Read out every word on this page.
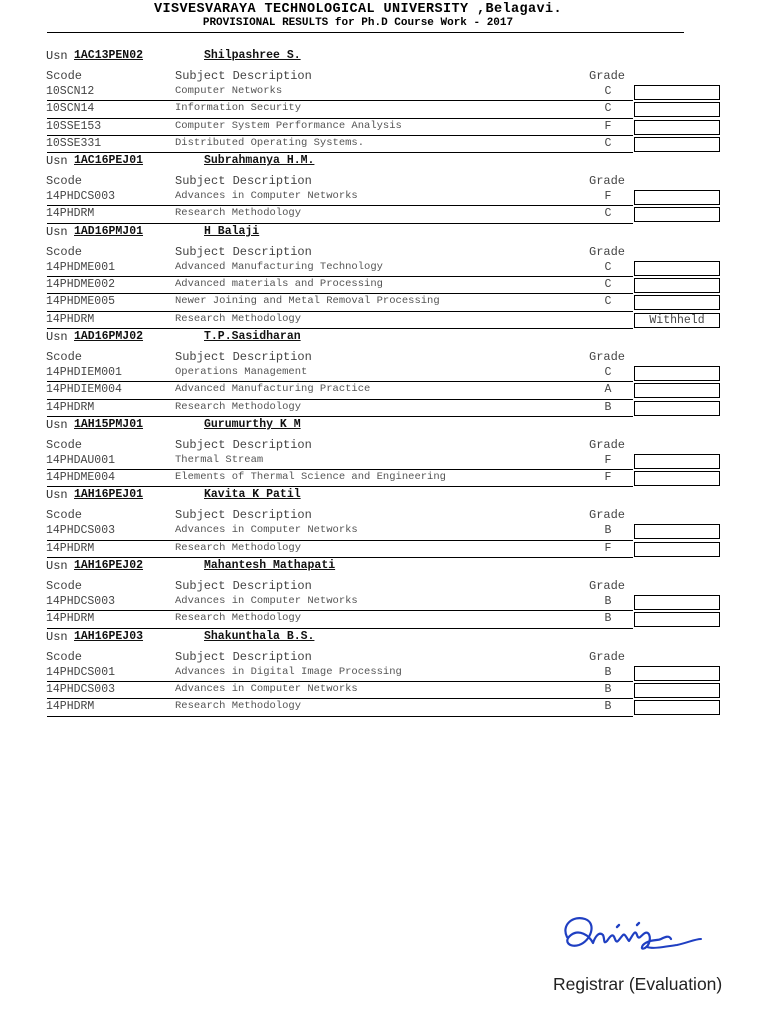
VISVESVARAYA TECHNOLOGICAL UNIVERSITY ,Belagavi.
PROVISIONAL RESULTS for Ph.D Course Work - 2017
Usn 1AC13PEN02	Shilpashree S.
Scode	Subject Description	Grade
10SCN12	Computer Networks	C
10SCN14	Information Security	C
10SSE153	Computer System Performance Analysis	F
10SSE331	Distributed Operating Systems.	C
Usn 1AC16PEJ01	Subrahmanya H.M.
Scode	Subject Description	Grade
14PHDCS003	Advances in Computer Networks	F
14PHDRM	Research Methodology	C
Usn 1AD16PMJ01	H Balaji
Scode	Subject Description	Grade
14PHDME001	Advanced Manufacturing Technology	C
14PHDME002	Advanced materials and Processing	C
14PHDME005	Newer Joining and Metal Removal Processing	C
14PHDRM	Research Methodology	Withheld
Usn 1AD16PMJ02	T.P.Sasidharan
Scode	Subject Description	Grade
14PHDIEM001	Operations Management	C
14PHDIEM004	Advanced Manufacturing Practice	A
14PHDRM	Research Methodology	B
Usn 1AH15PMJ01	Gurumurthy K M
Scode	Subject Description	Grade
14PHDAU001	Thermal Stream	F
14PHDME004	Elements of Thermal Science and Engineering	F
Usn 1AH16PEJ01	Kavita K Patil
Scode	Subject Description	Grade
14PHDCS003	Advances in Computer Networks	B
14PHDRM	Research Methodology	F
Usn 1AH16PEJ02	Mahantesh Mathapati
Scode	Subject Description	Grade
14PHDCS003	Advances in Computer Networks	B
14PHDRM	Research Methodology	B
Usn 1AH16PEJ03	Shakunthala B.S.
Scode	Subject Description	Grade
14PHDCS001	Advances in Digital Image Processing	B
14PHDCS003	Advances in Computer Networks	B
14PHDRM	Research Methodology	B
Registrar (Evaluation)
